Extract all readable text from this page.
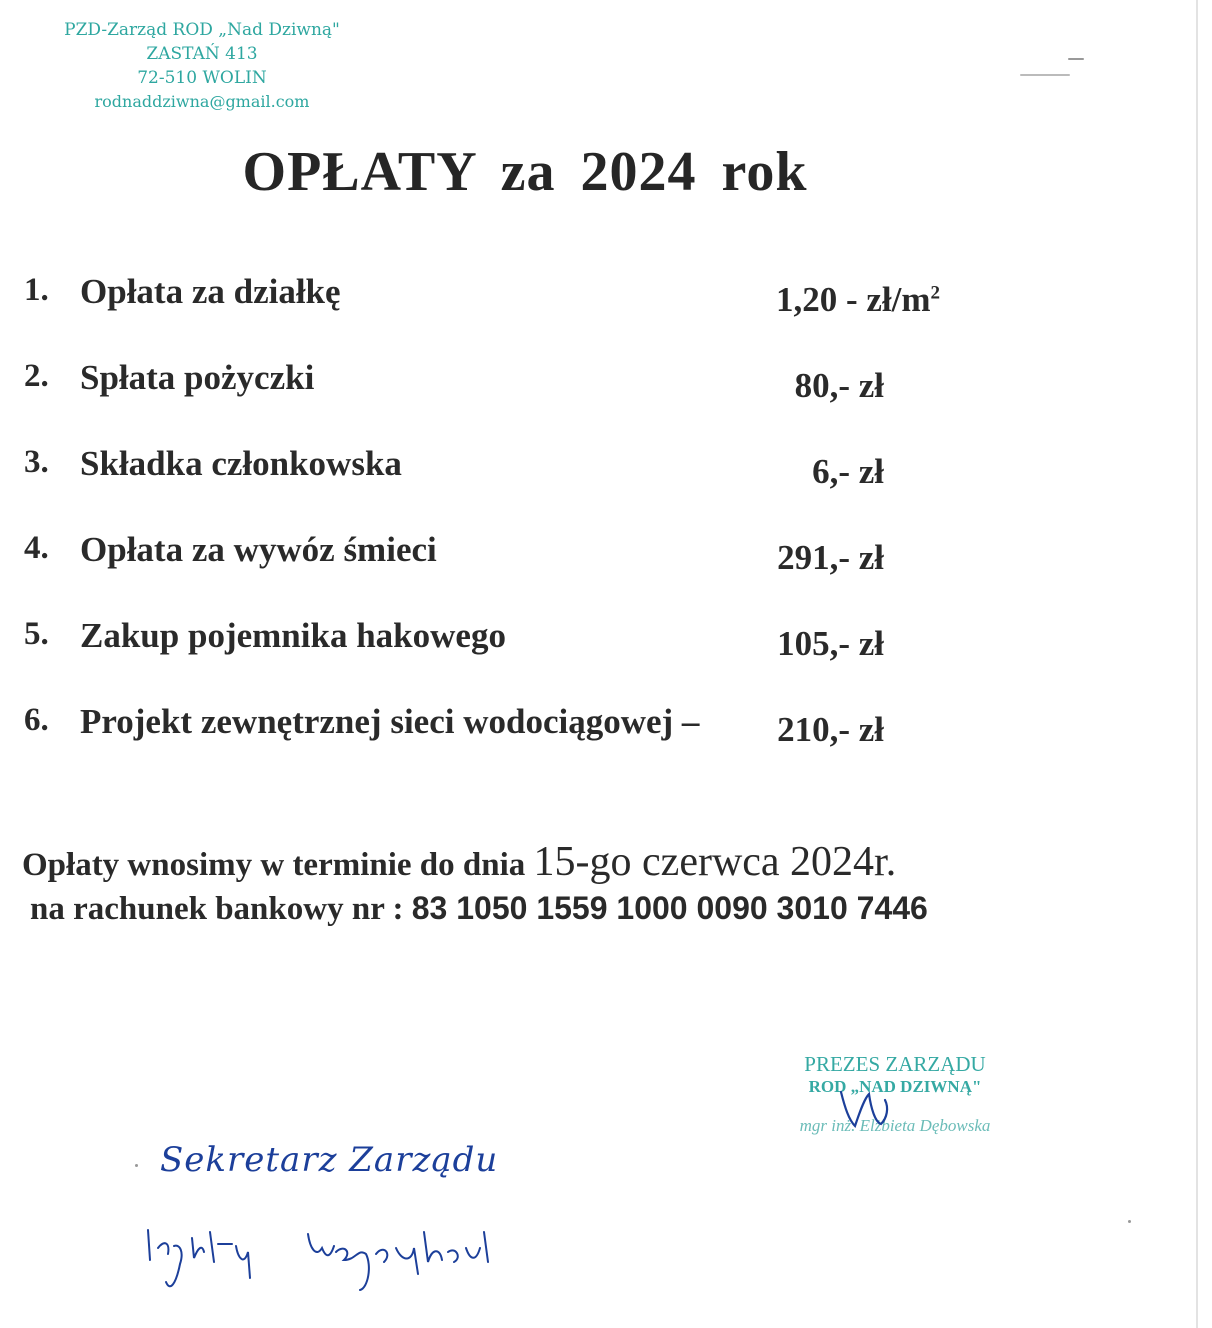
PZD-Zarząd ROD „Nad Dziwną"
ZASTAŃ 413
72-510 WOLIN
rodnaddziwna@gmail.com
OPŁATY za 2024 rok
1. Opłata za działkę	$1,20 - zł/m^2$
2. Spłata pożyczki	80,- zł
3. Składka członkowska	6,- zł
4. Opłata za wywóz śmieci	291,- zł
5. Zakup pojemnika hakowego	105,- zł
6. Projekt zewnętrznej sieci wodociągowej – 210,- zł
Opłaty wnosimy w terminie do dnia 15-go czerwca 2024r.
na rachunek bankowy nr : 83 1050 1559 1000 0090 3010 7446
PREZES ZARZĄDU
ROD „NAD DZIWNĄ"
mgr inż. Elżbieta Dębowska
Sekretarz Zarządu
